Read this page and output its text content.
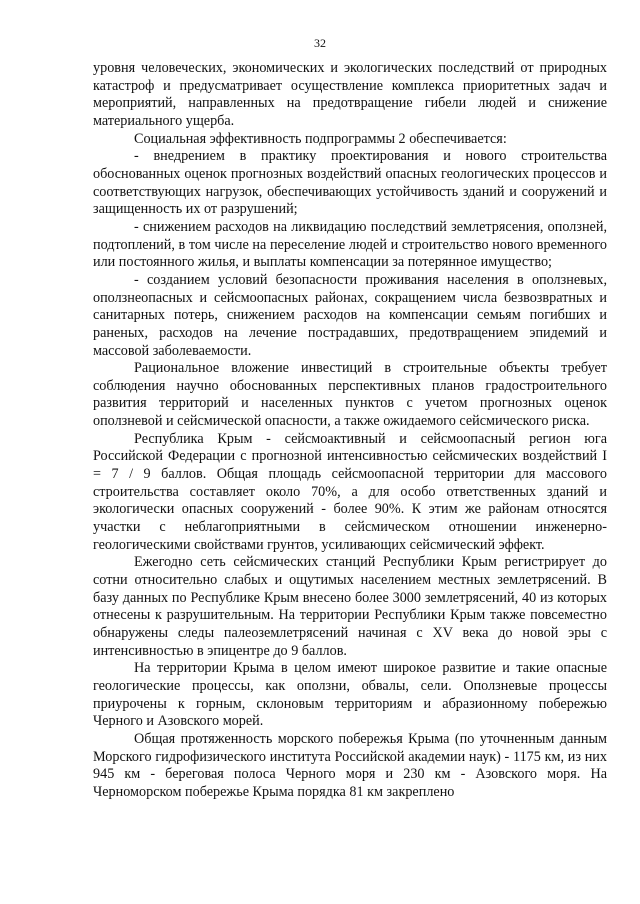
32

уровня человеческих, экономических и экологических последствий от природных катастроф и предусматривает осуществление комплекса приоритетных задач и мероприятий, направленных на предотвращение гибели людей и снижение материального ущерба.

Социальная эффективность подпрограммы 2 обеспечивается:

- внедрением в практику проектирования и нового строительства обоснованных оценок прогнозных воздействий опасных геологических процессов и соответствующих нагрузок, обеспечивающих устойчивость зданий и сооружений и защищенность их от разрушений;

- снижением расходов на ликвидацию последствий землетрясения, оползней, подтоплений, в том числе на переселение людей и строительство нового временного или постоянного жилья, и выплаты компенсации за потерянное имущество;

- созданием условий безопасности проживания населения в оползневых, оползнеопасных и сейсмоопасных районах, сокращением числа безвозвратных и санитарных потерь, снижением расходов на компенсации семьям погибших и раненых, расходов на лечение пострадавших, предотвращением эпидемий и массовой заболеваемости.

Рациональное вложение инвестиций в строительные объекты требует соблюдения научно обоснованных перспективных планов градостроительного развития территорий и населенных пунктов с учетом прогнозных оценок оползневой и сейсмической опасности, а также ожидаемого сейсмического риска.

Республика Крым - сейсмоактивный и сейсмоопасный регион юга Российской Федерации с прогнозной интенсивностью сейсмических воздействий I = 7 / 9 баллов. Общая площадь сейсмоопасной территории для массового строительства составляет около 70%, а для особо ответственных зданий и экологически опасных сооружений - более 90%. К этим же районам относятся участки с неблагоприятными в сейсмическом отношении инженерно-геологическими свойствами грунтов, усиливающих сейсмический эффект.

Ежегодно сеть сейсмических станций Республики Крым регистрирует до сотни относительно слабых и ощутимых населением местных землетрясений. В базу данных по Республике Крым внесено более 3000 землетрясений, 40 из которых отнесены к разрушительным. На территории Республики Крым также повсеместно обнаружены следы палеоземлетрясений начиная с XV века до новой эры с интенсивностью в эпицентре до 9 баллов.

На территории Крыма в целом имеют широкое развитие и такие опасные геологические процессы, как оползни, обвалы, сели. Оползневые процессы приурочены к горным, склоновым территориям и абразионному побережью Черного и Азовского морей.

Общая протяженность морского побережья Крыма (по уточненным данным Морского гидрофизического института Российской академии наук) - 1175 км, из них 945 км - береговая полоса Черного моря и 230 км - Азовского моря. На Черноморском побережье Крыма порядка 81 км закреплено
